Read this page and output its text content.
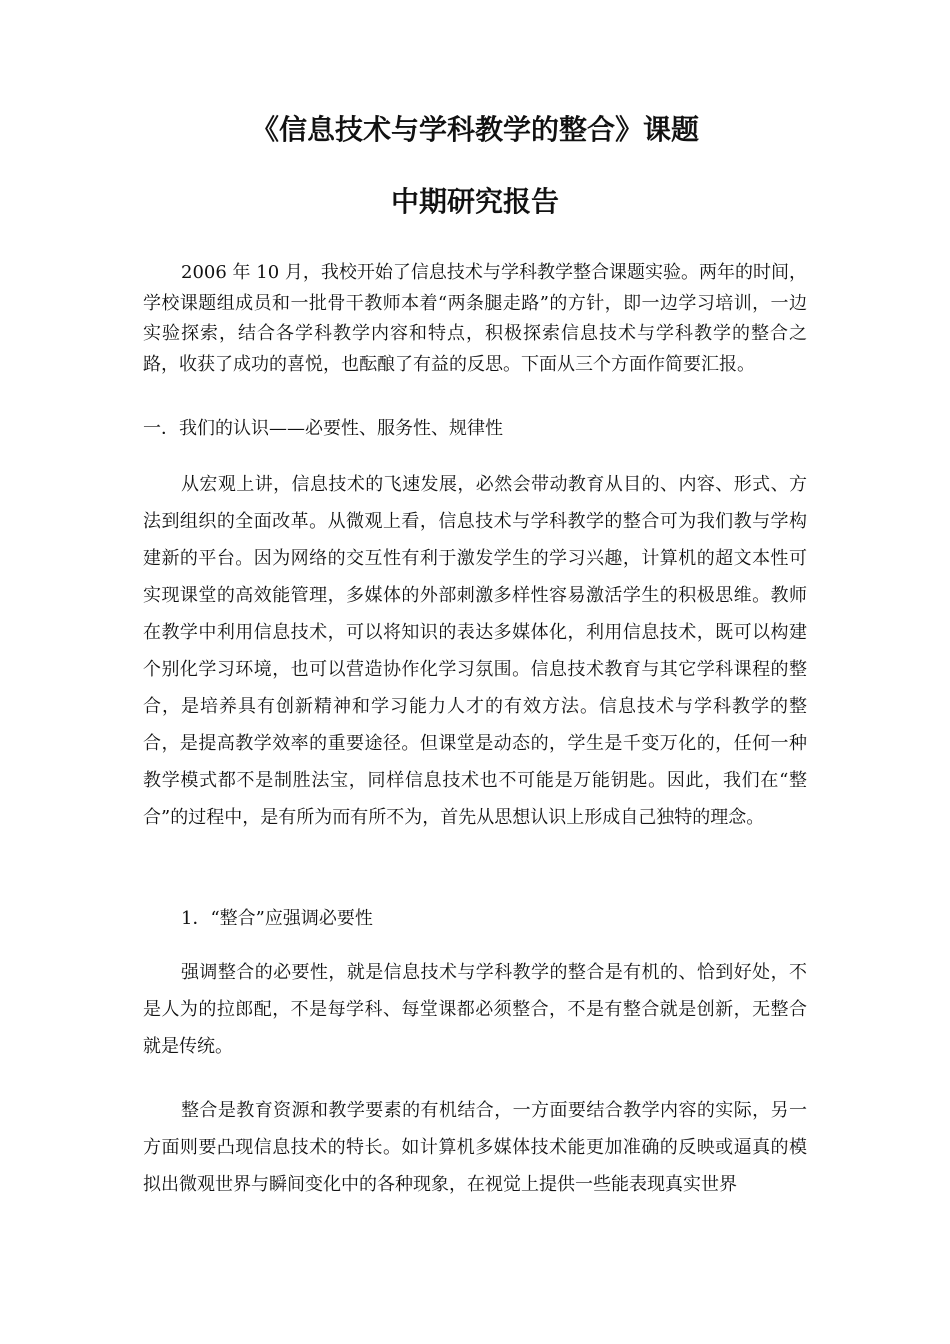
《信息技术与学科教学的整合》课题
中期研究报告

2006 年 10 月，我校开始了信息技术与学科教学整合课题实验。两年的时间，学校课题组成员和一批骨干教师本着“两条腿走路”的方针，即一边学习培训，一边实验探索，结合各学科教学内容和特点，积极探索信息技术与学科教学的整合之路，收获了成功的喜悦，也酝酿了有益的反思。下面从三个方面作简要汇报。

一．我们的认识——必要性、服务性、规律性

从宏观上讲，信息技术的飞速发展，必然会带动教育从目的、内容、形式、方法到组织的全面改革。从微观上看，信息技术与学科教学的整合可为我们教与学构建新的平台。因为网络的交互性有利于激发学生的学习兴趣，计算机的超文本性可实现课堂的高效能管理，多媒体的外部刺激多样性容易激活学生的积极思维。教师在教学中利用信息技术，可以将知识的表达多媒体化，利用信息技术，既可以构建个别化学习环境，也可以营造协作化学习氛围。信息技术教育与其它学科课程的整合，是培养具有创新精神和学习能力人才的有效方法。信息技术与学科教学的整合，是提高教学效率的重要途径。但课堂是动态的，学生是千变万化的，任何一种教学模式都不是制胜法宝，同样信息技术也不可能是万能钥匙。因此，我们在“整合”的过程中，是有所为而有所不为，首先从思想认识上形成自己独特的理念。

1．“整合”应强调必要性

强调整合的必要性，就是信息技术与学科教学的整合是有机的、恰到好处，不是人为的拉郎配，不是每学科、每堂课都必须整合，不是有整合就是创新，无整合就是传统。

整合是教育资源和教学要素的有机结合，一方面要结合教学内容的实际，另一方面则要凸现信息技术的特长。如计算机多媒体技术能更加准确的反映或逼真的模拟出微观世界与瞬间变化中的各种现象，在视觉上提供一些能表现真实世界
